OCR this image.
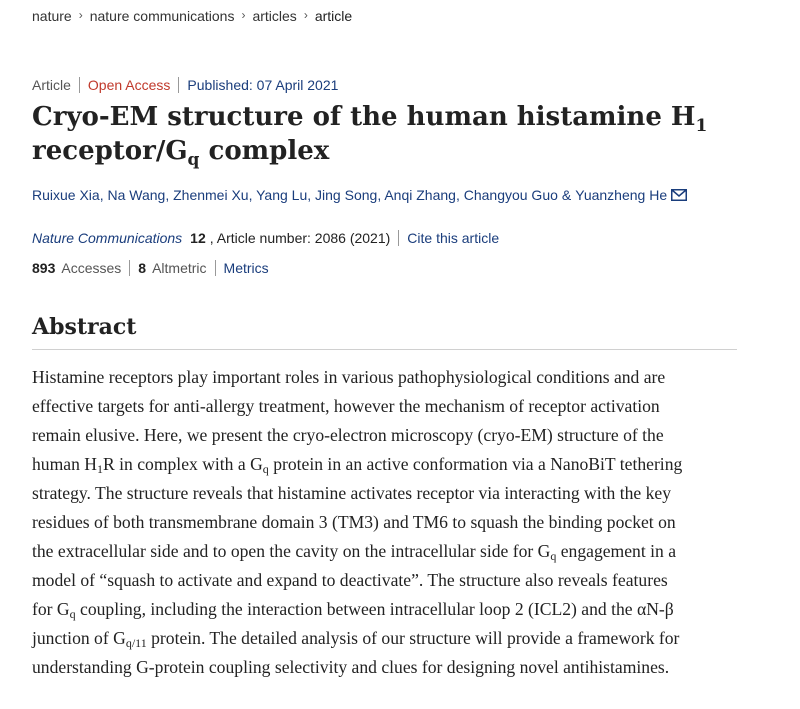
nature › nature communications › articles › article
Article Open Access Published: 07 April 2021
Cryo-EM structure of the human histamine $H_1$
receptor/$G_q$ complex
Ruixue Xia, Na Wang, Zhenmei Xu, Yang Lu, Jing Song, Anqi Zhang, Changyou Guo & Yuanzheng He
Nature Communications 12 , Article number: 2086 (2021) Cite this article
893 Accesses 8 Altmetric Metrics
Abstract

Histamine receptors play important roles in various pathophysiological conditions and are
effective targets for anti-allergy treatment, however the mechanism of receptor activation
remain elusive. Here, we present the cryo-electron microscopy (cryo-EM) structure of the
human $H_1R$ in complex with a $G_q$ protein in an active conformation via a NanoBiT tethering
strategy. The structure reveals that histamine activates receptor via interacting with the key
residues of both transmembrane domain 3 (TM3) and TM6 to squash the binding pocket on
the extracellular side and to open the cavity on the intracellular side for $G_q$ engagement in a
model of “squash to activate and expand to deactivate”. The structure also reveals features
for $G_q$ coupling, including the interaction between intracellular loop 2 (ICL2) and the αN-β
junction of $G_{q/11}$ protein. The detailed analysis of our structure will provide a framework for
understanding G-protein coupling selectivity and clues for designing novel antihistamines.
